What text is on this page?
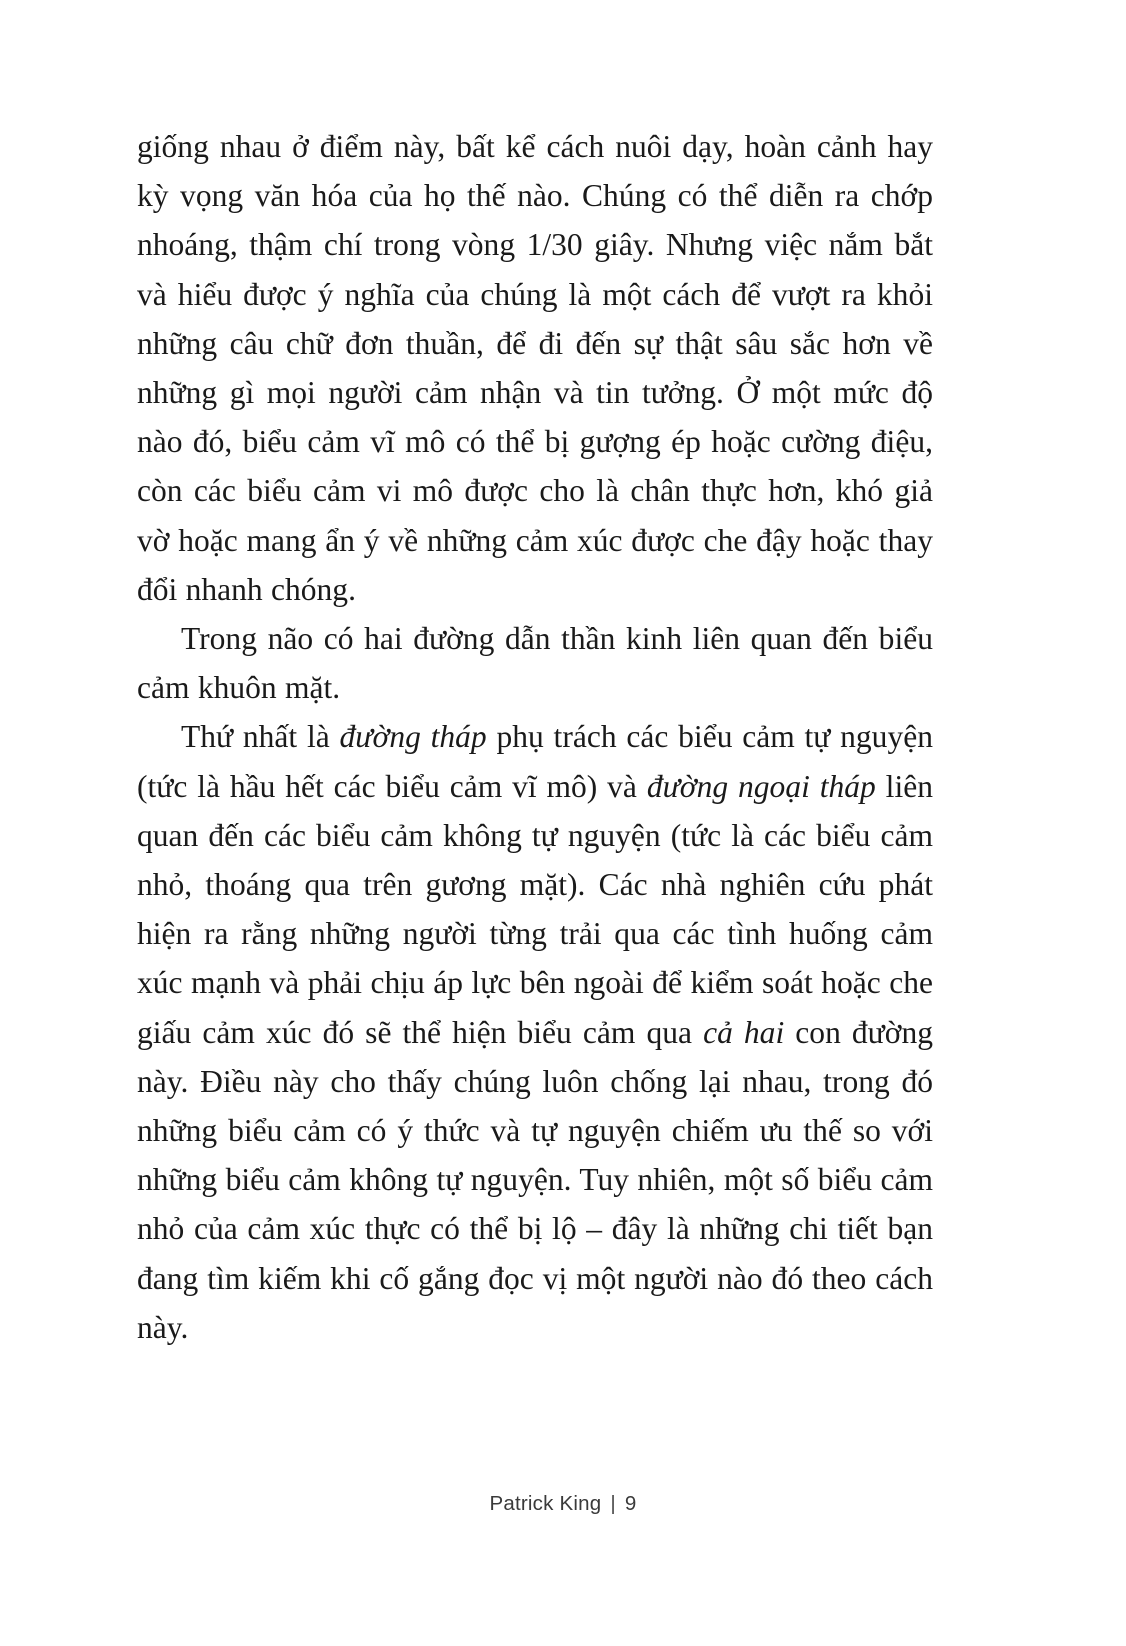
giống nhau ở điểm này, bất kể cách nuôi dạy, hoàn cảnh hay kỳ vọng văn hóa của họ thế nào. Chúng có thể diễn ra chớp nhoáng, thậm chí trong vòng 1/30 giây. Nhưng việc nắm bắt và hiểu được ý nghĩa của chúng là một cách để vượt ra khỏi những câu chữ đơn thuần, để đi đến sự thật sâu sắc hơn về những gì mọi người cảm nhận và tin tưởng. Ở một mức độ nào đó, biểu cảm vĩ mô có thể bị gượng ép hoặc cường điệu, còn các biểu cảm vi mô được cho là chân thực hơn, khó giả vờ hoặc mang ẩn ý về những cảm xúc được che đậy hoặc thay đổi nhanh chóng.

Trong não có hai đường dẫn thần kinh liên quan đến biểu cảm khuôn mặt.

Thứ nhất là đường tháp phụ trách các biểu cảm tự nguyện (tức là hầu hết các biểu cảm vĩ mô) và đường ngoại tháp liên quan đến các biểu cảm không tự nguyện (tức là các biểu cảm nhỏ, thoáng qua trên gương mặt). Các nhà nghiên cứu phát hiện ra rằng những người từng trải qua các tình huống cảm xúc mạnh và phải chịu áp lực bên ngoài để kiểm soát hoặc che giấu cảm xúc đó sẽ thể hiện biểu cảm qua cả hai con đường này. Điều này cho thấy chúng luôn chống lại nhau, trong đó những biểu cảm có ý thức và tự nguyện chiếm ưu thế so với những biểu cảm không tự nguyện. Tuy nhiên, một số biểu cảm nhỏ của cảm xúc thực có thể bị lộ – đây là những chi tiết bạn đang tìm kiếm khi cố gắng đọc vị một người nào đó theo cách này.

Patrick King | 9
